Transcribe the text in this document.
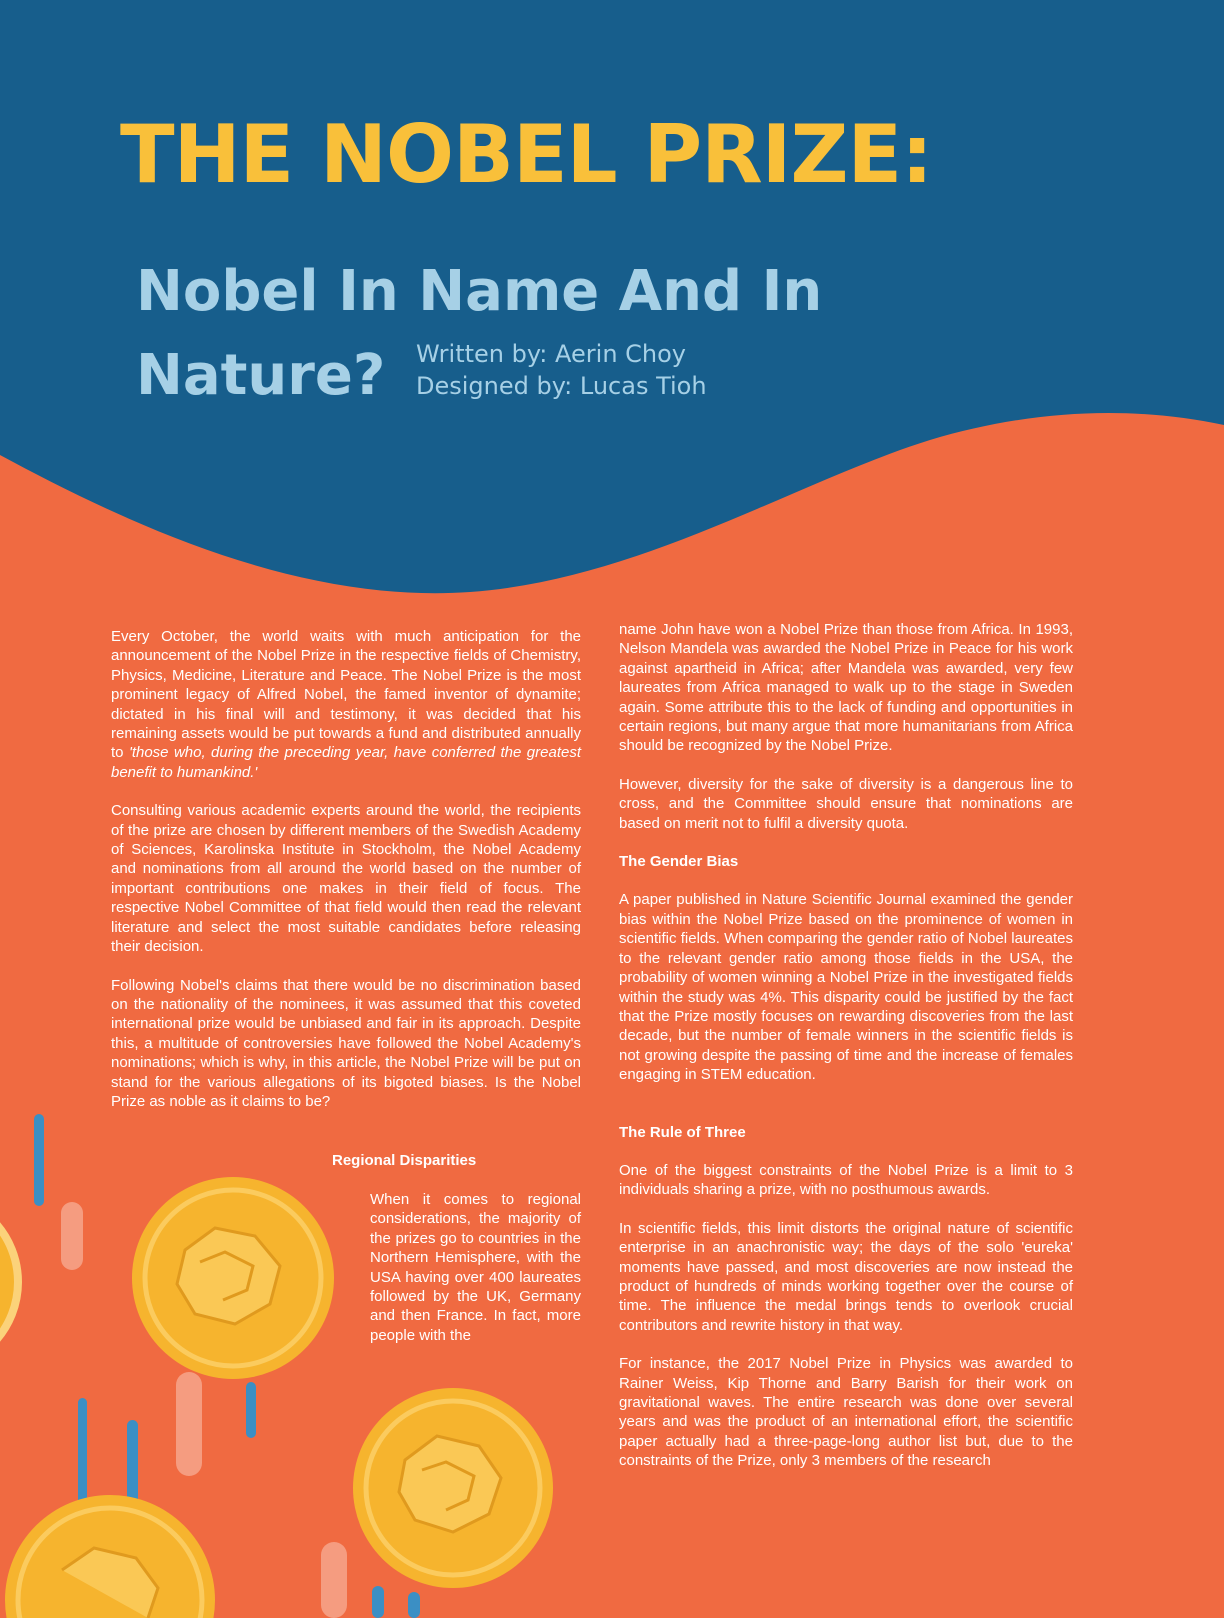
THE NOBEL PRIZE:
Nobel In Name And In Nature?	Written by: Aerin Choy
Designed by: Lucas Tioh

Every October, the world waits with much anticipation for the announcement of the Nobel Prize in the respective fields of Chemistry, Physics, Medicine, Literature and Peace. The Nobel Prize is the most prominent legacy of Alfred Nobel, the famed inventor of dynamite; dictated in his final will and testimony, it was decided that his remaining assets would be put towards a fund and distributed annually to 'those who, during the preceding year, have conferred the greatest benefit to humankind.'

Consulting various academic experts around the world, the recipients of the prize are chosen by different members of the Swedish Academy of Sciences, Karolinska Institute in Stockholm, the Nobel Academy and nominations from all around the world based on the number of important contributions one makes in their field of focus. The respective Nobel Committee of that field would then read the relevant literature and select the most suitable candidates before releasing their decision.

Following Nobel's claims that there would be no discrimination based on the nationality of the nominees, it was assumed that this coveted international prize would be unbiased and fair in its approach. Despite this, a multitude of controversies have followed the Nobel Academy's nominations; which is why, in this article, the Nobel Prize will be put on stand for the various allegations of its bigoted biases. Is the Nobel Prize as noble as it claims to be?

Regional Disparities
When it comes to regional considerations, the majority of the prizes go to countries in the Northern Hemisphere, with the USA having over 400 laureates followed by the UK, Germany and then France. In fact, more people with the

name John have won a Nobel Prize than those from Africa. In 1993, Nelson Mandela was awarded the Nobel Prize in Peace for his work against apartheid in Africa; after Mandela was awarded, very few laureates from Africa managed to walk up to the stage in Sweden again. Some attribute this to the lack of funding and opportunities in certain regions, but many argue that more humanitarians from Africa should be recognized by the Nobel Prize.

However, diversity for the sake of diversity is a dangerous line to cross, and the Committee should ensure that nominations are based on merit not to fulfil a diversity quota.

The Gender Bias

A paper published in Nature Scientific Journal examined the gender bias within the Nobel Prize based on the prominence of women in scientific fields. When comparing the gender ratio of Nobel laureates to the relevant gender ratio among those fields in the USA, the probability of women winning a Nobel Prize in the investigated fields within the study was 4%. This disparity could be justified by the fact that the Prize mostly focuses on rewarding discoveries from the last decade, but the number of female winners in the scientific fields is not growing despite the passing of time and the increase of females engaging in STEM education.

The Rule of Three

One of the biggest constraints of the Nobel Prize is a limit to 3 individuals sharing a prize, with no posthumous awards.

In scientific fields, this limit distorts the original nature of scientific enterprise in an anachronistic way; the days of the solo 'eureka' moments have passed, and most discoveries are now instead the product of hundreds of minds working together over the course of time. The influence the medal brings tends to overlook crucial contributors and rewrite history in that way.

For instance, the 2017 Nobel Prize in Physics was awarded to Rainer Weiss, Kip Thorne and Barry Barish for their work on gravitational waves. The entire research was done over several years and was the product of an international effort, the scientific paper actually had a three-page-long author list but, due to the constraints of the Prize, only 3 members of the research
